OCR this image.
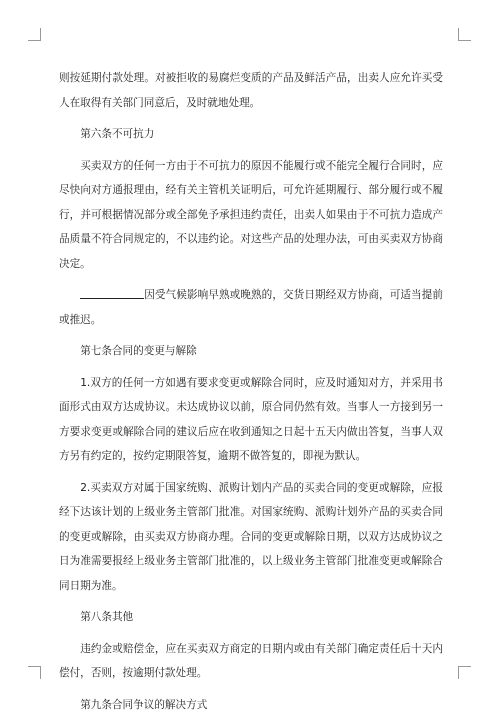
则按延期付款处理。对被拒收的易腐烂变质的产品及鲜活产品，出卖人应允许买受人在取得有关部门同意后，及时就地处理。

第六条不可抗力

买卖双方的任何一方由于不可抗力的原因不能履行或不能完全履行合同时，应尽快向对方通报理由，经有关主管机关证明后，可允许延期履行、部分履行或不履行，并可根据情况部分或全部免予承担违约责任，出卖人如果由于不可抗力造成产品质量不符合同规定的，不以违约论。对这些产品的处理办法，可由买卖双方协商决定。

因受气候影响早熟或晚熟的，交货日期经双方协商，可适当提前或推迟。

第七条合同的变更与解除

1.双方的任何一方如遇有要求变更或解除合同时，应及时通知对方，并采用书面形式由双方达成协议。未达成协议以前，原合同仍然有效。当事人一方接到另一方要求变更或解除合同的建议后应在收到通知之日起十五天内做出答复，当事人双方另有约定的，按约定期限答复，逾期不做答复的，即视为默认。

2.买卖双方对属于国家统购、派购计划内产品的买卖合同的变更或解除，应报经下达该计划的上级业务主管部门批准。对国家统购、派购计划外产品的买卖合同的变更或解除，由买卖双方协商办理。合同的变更或解除日期，以双方达成协议之日为准需要报经上级业务主管部门批准的，以上级业务主管部门批准变更或解除合同日期为准。

第八条其他

违约金或赔偿金，应在买卖双方商定的日期内或由有关部门确定责任后十天内偿付，否则，按逾期付款处理。

第九条合同争议的解决方式
